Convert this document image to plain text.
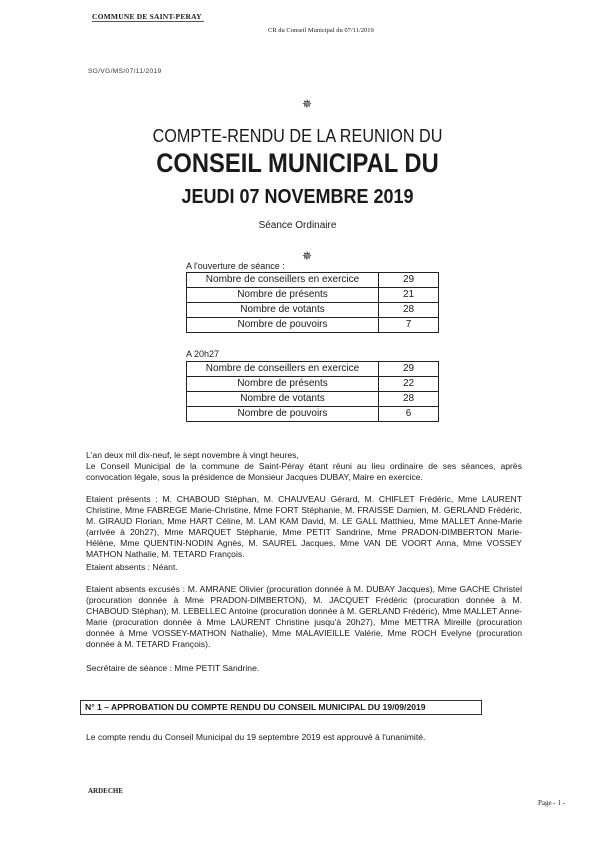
COMMUNE DE SAINT-PERAY
CR du Conseil Municipal du 07/11/2019
SG/VG/MS/07/11/2019
✵
COMPTE-RENDU DE LA REUNION DU
CONSEIL MUNICIPAL DU
JEUDI 07 NOVEMBRE 2019
Séance Ordinaire
✵
A l'ouverture de séance :
Nombre de conseillers en exercice	29
Nombre de présents	21
Nombre de votants	28
Nombre de pouvoirs	7
A 20h27
Nombre de conseillers en exercice	29
Nombre de présents	22
Nombre de votants	28
Nombre de pouvoirs	6
L'an deux mil dix-neuf, le sept novembre à vingt heures,
Le Conseil Municipal de la commune de Saint-Péray étant réuni au lieu ordinaire de ses séances, après convocation légale, sous la présidence de Monsieur Jacques DUBAY, Maire en exercice.
Etaient présents : M. CHABOUD Stéphan, M. CHAUVEAU Gérard, M. CHIFLET Frédéric, Mme LAURENT Christine, Mme FABREGE Marie-Christine, Mme FORT Stéphanie, M. FRAISSE Damien, M. GERLAND Frédéric, M. GIRAUD Florian, Mme HART Céline, M. LAM KAM David, M. LE GALL Matthieu, Mme MALLET Anne-Marie (arrivée à 20h27), Mme MARQUET Stéphanie, Mme PETIT Sandrine, Mme PRADON-DIMBERTON Marie-Hélène, Mme QUENTIN-NODIN Agnès, M. SAUREL Jacques, Mme VAN DE VOORT Anna, Mme VOSSEY MATHON Nathalie, M. TETARD François.
Etaient absents : Néant.
Etaient absents excusés : M. AMRANE Olivier (procuration donnée à M. DUBAY Jacques), Mme GACHE Christel (procuration donnée à Mme PRADON-DIMBERTON), M. JACQUET Frédéric (procuration donnée à M. CHABOUD Stéphan), M. LEBELLEC Antoine (procuration donnée à M. GERLAND Frédéric), Mme MALLET Anne-Marie (procuration donnée à Mme LAURENT Christine jusqu'à 20h27), Mme METTRA Mireille (procuration donnée à Mme VOSSEY-MATHON Nathalie), Mme MALAVIEILLE Valérie, Mme ROCH Evelyne (procuration donnée à M. TETARD François).
Secrétaire de séance : Mme PETIT Sandrine.
N° 1 – APPROBATION DU COMPTE RENDU DU CONSEIL MUNICIPAL DU 19/09/2019
Le compte rendu du Conseil Municipal du 19 septembre 2019 est approuvé à l'unanimité.
ARDECHE
Page - 1 -
